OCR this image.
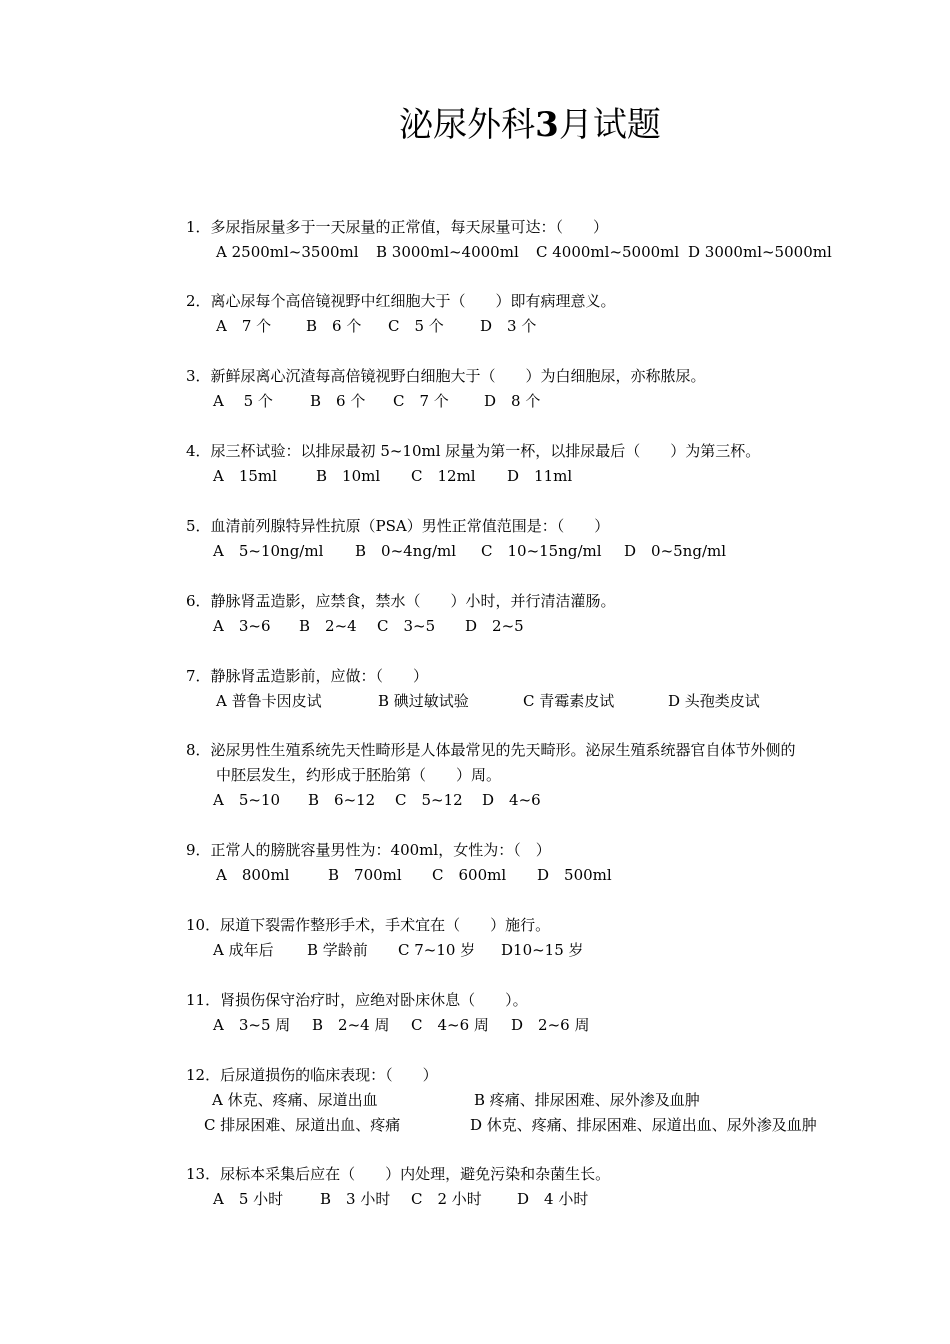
泌尿外科3月试题
1．多尿指尿量多于一天尿量的正常值，每天尿量可达：（　　）
A 2500ml~3500ml B 3000ml~4000ml C 4000ml~5000ml D 3000ml~5000ml
2．离心尿每个高倍镜视野中红细胞大于（　　）即有病理意义。
A　7 个 B　6 个 C　5 个 D　3 个
3．新鲜尿离心沉渣每高倍镜视野白细胞大于（　　）为白细胞尿，亦称脓尿。
A　 5 个 B　6 个 C　7 个 D　8 个
4．尿三杯试验：以排尿最初 5~10ml 尿量为第一杯，以排尿最后（　　）为第三杯。
A　15ml	B　10ml C　12ml D　11ml
5．血清前列腺特异性抗原（PSA）男性正常值范围是：（　　）
A　5~10ng/ml B　0~4ng/ml C　10~15ng/ml D　0~5ng/ml
6．静脉肾盂造影，应禁食，禁水（　　）小时，并行清洁灌肠。
A　3~6 B　2~4 C　3~5 D　2~5
7．静脉肾盂造影前，应做：（　　）
A 普鲁卡因皮试	B 碘过敏试验	C 青霉素皮试	D 头孢类皮试
8．泌尿男性生殖系统先天性畸形是人体最常见的先天畸形。泌尿生殖系统器官自体节外侧的
中胚层发生，约形成于胚胎第（　　）周。
A　5~10 B　6~12 C　5~12 D　4~6
9．正常人的膀胱容量男性为：400ml，女性为：（　）
A　800ml	B　700ml C　600ml D　500ml
10．尿道下裂需作整形手术，手术宜在（　　）施行。
A 成年后 B 学龄前 C 7~10 岁 D10~15 岁
11．肾损伤保守治疗时，应绝对卧床休息（　　）。
A　3~5 周 B　2~4 周 C　4~6 周 D　2~6 周
12．后尿道损伤的临床表现：（　　）
A 休克、疼痛、尿道出血	B 疼痛、排尿困难、尿外渗及血肿
C 排尿困难、尿道出血、疼痛	D 休克、疼痛、排尿困难、尿道出血、尿外渗及血肿
13．尿标本采集后应在（　　）内处理，避免污染和杂菌生长。
A　5 小时 B　3 小时 C　2 小时 D　4 小时
